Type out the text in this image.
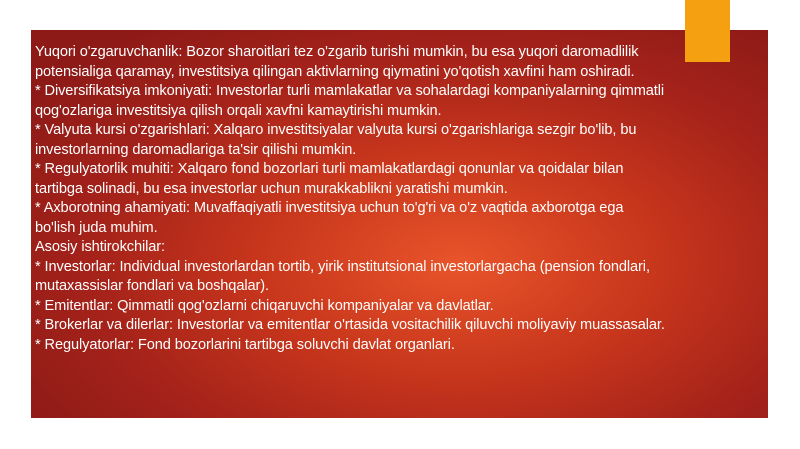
Yuqori o'zgaruvchanlik: Bozor sharoitlari tez o'zgarib turishi mumkin, bu esa yuqori daromadlilik
potensialiga qaramay, investitsiya qilingan aktivlarning qiymatini yo'qotish xavfini ham oshiradi.
* Diversifikatsiya imkoniyati: Investorlar turli mamlakatlar va sohalardagi kompaniyalarning qimmatli
qog'ozlariga investitsiya qilish orqali xavfni kamaytirishi mumkin.
* Valyuta kursi o'zgarishlari: Xalqaro investitsiyalar valyuta kursi o'zgarishlariga sezgir bo'lib, bu
investorlarning daromadlariga ta'sir qilishi mumkin.
* Regulyatorlik muhiti: Xalqaro fond bozorlari turli mamlakatlardagi qonunlar va qoidalar bilan
tartibga solinadi, bu esa investorlar uchun murakkablikni yaratishi mumkin.
* Axborotning ahamiyati: Muvaffaqiyatli investitsiya uchun to'g'ri va o'z vaqtida axborotga ega
bo'lish juda muhim.
Asosiy ishtirokchilar:
* Investorlar: Individual investorlardan tortib, yirik institutsional investorlargacha (pension fondlari,
mutaxassislar fondlari va boshqalar).
* Emitentlar: Qimmatli qog'ozlarni chiqaruvchi kompaniyalar va davlatlar.
* Brokerlar va dilerlar: Investorlar va emitentlar o'rtasida vositachilik qiluvchi moliyaviy muassasalar.
* Regulyatorlar: Fond bozorlarini tartibga soluvchi davlat organlari.
